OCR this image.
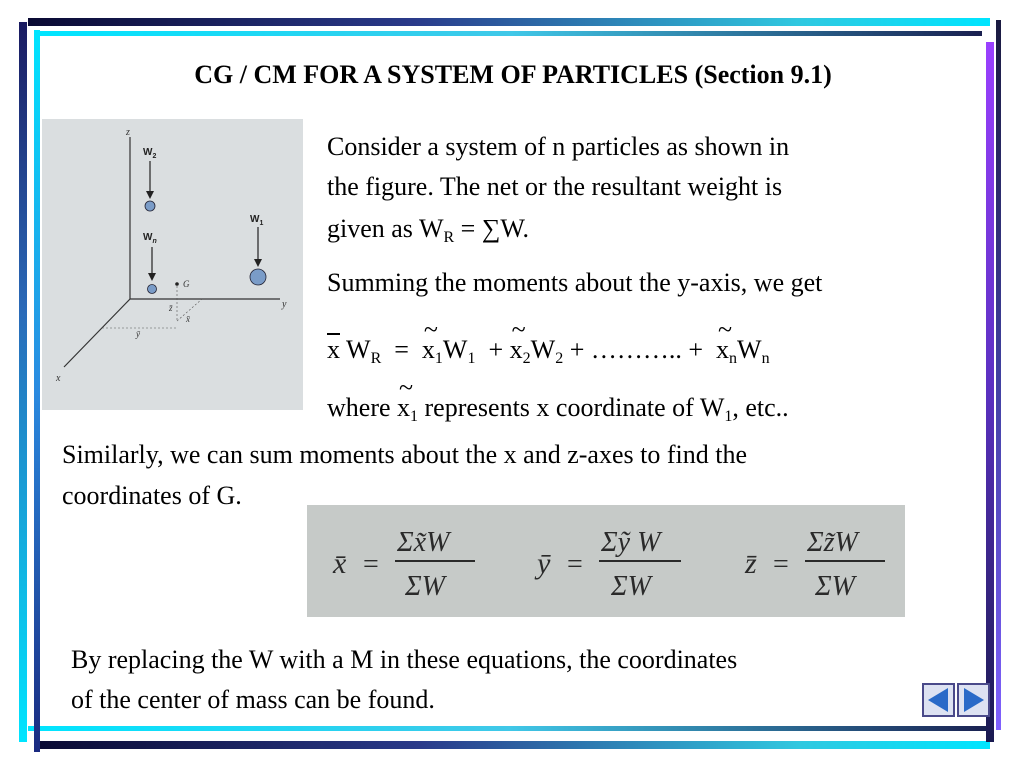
CG / CM FOR A SYSTEM OF PARTICLES (Section 9.1)
z
y
x
$W_2$
$W_n$
$W_1$
G
z̄
x̄
ȳ
Consider a system of n particles as shown in
the figure. The net or the resultant weight is
given as $W_R = \sum W$.
Summing the moments about the y-axis, we get
$\overline{x}$ $W_R$  =  ~ $x_1W_1$  + ~ $x_2W_2$ + ……….. +  ~ $x_nW_n$
where ~ $x_1$ represents x coordinate of $W_1$, etc..
Similarly, we can sum moments about the x and z-axes to find the
coordinates of G.
x̄ =
Σx̃W
ΣW
ȳ =
Σỹ W
ΣW
z̄ =
Σz̃W
ΣW
By replacing the W with a M in these equations, the coordinates
of the center of mass can be found.
